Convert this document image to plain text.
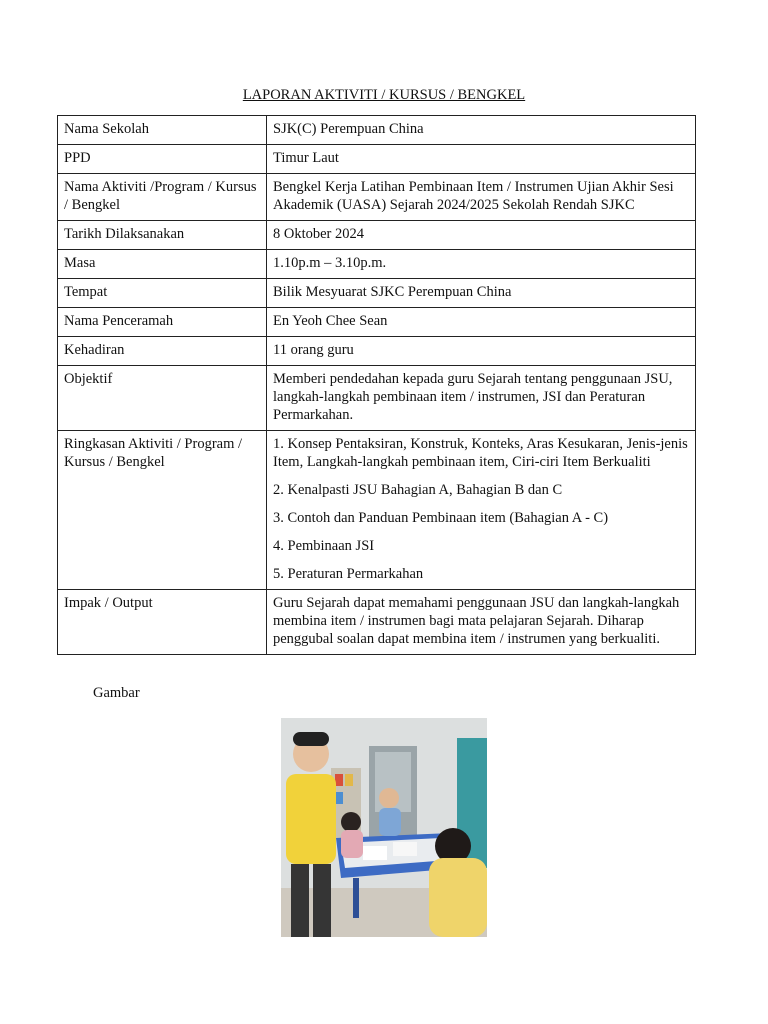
LAPORAN AKTIVITI / KURSUS / BENGKEL
Nama Sekolah	SJK(C) Perempuan China
PPD	Timur Laut
Nama Aktiviti /Program / Kursus / Bengkel	Bengkel Kerja Latihan Pembinaan Item / Instrumen Ujian Akhir Sesi Akademik (UASA) Sejarah 2024/2025 Sekolah Rendah SJKC
Tarikh Dilaksanakan	8 Oktober 2024
Masa	1.10p.m – 3.10p.m.
Tempat	Bilik Mesyuarat SJKC Perempuan China
Nama Penceramah	En Yeoh Chee Sean
Kehadiran	11 orang guru
Objektif	Memberi pendedahan kepada guru Sejarah tentang penggunaan JSU, langkah-langkah pembinaan item / instrumen, JSI dan Peraturan Permarkahan.
Ringkasan Aktiviti / Program / Kursus / Bengkel	1. Konsep Pentaksiran, Konstruk, Konteks, Aras Kesukaran, Jenis-jenis Item, Langkah-langkah pembinaan item, Ciri-ciri Item Berkualiti

2. Kenalpasti JSU Bahagian A, Bahagian B dan C

3. Contoh dan Panduan Pembinaan item (Bahagian A - C)

4. Pembinaan JSI

5. Peraturan Permarkahan

Impak / Output	Guru Sejarah dapat memahami penggunaan JSU dan langkah-langkah membina item / instrumen bagi mata pelajaran Sejarah. Diharap penggubal soalan dapat membina item / instrumen yang berkualiti.
Gambar
